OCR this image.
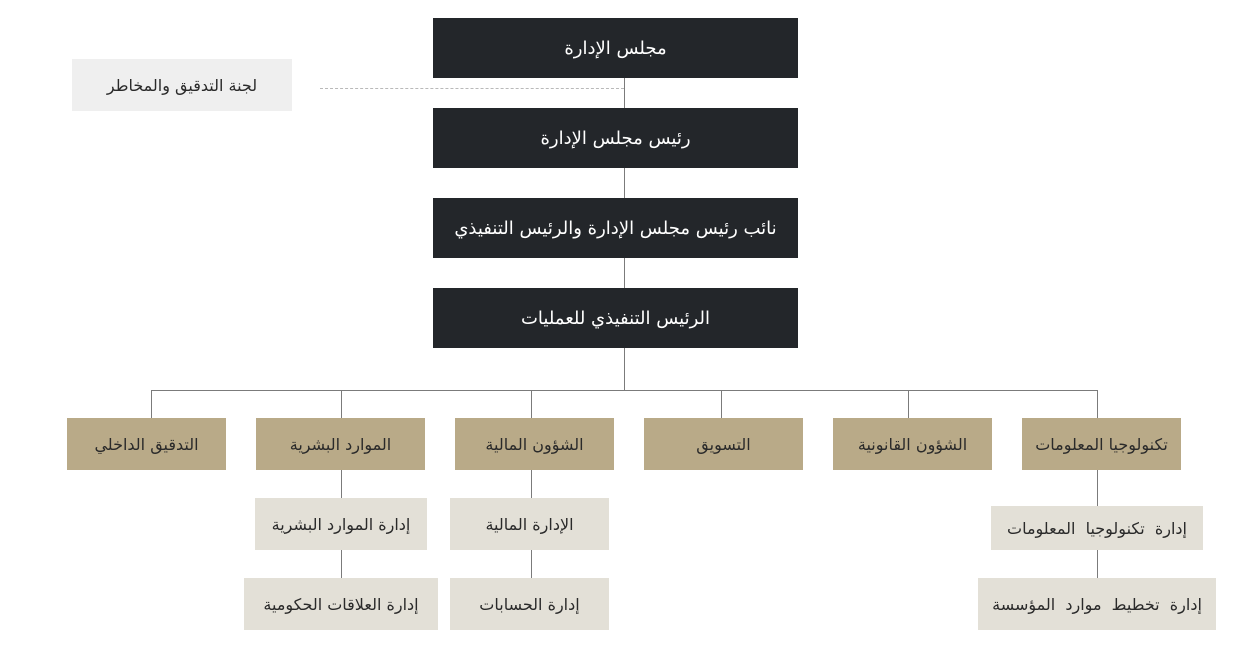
مجلس الإدارة
رئيس مجلس الإدارة
نائب رئيس مجلس الإدارة والرئيس التنفيذي
الرئيس التنفيذي للعمليات
لجنة التدقيق والمخاطر
التدقيق الداخلي	الموارد البشرية	الشؤون المالية	التسويق	الشؤون القانونية	تكنولوجيا المعلومات
إدارة الموارد البشرية
إدارة العلاقات الحكومية
الإدارة المالية
إدارة الحسابات
إدارة  تكنولوجيا  المعلومات
إدارة  تخطيط  موارد  المؤسسة
